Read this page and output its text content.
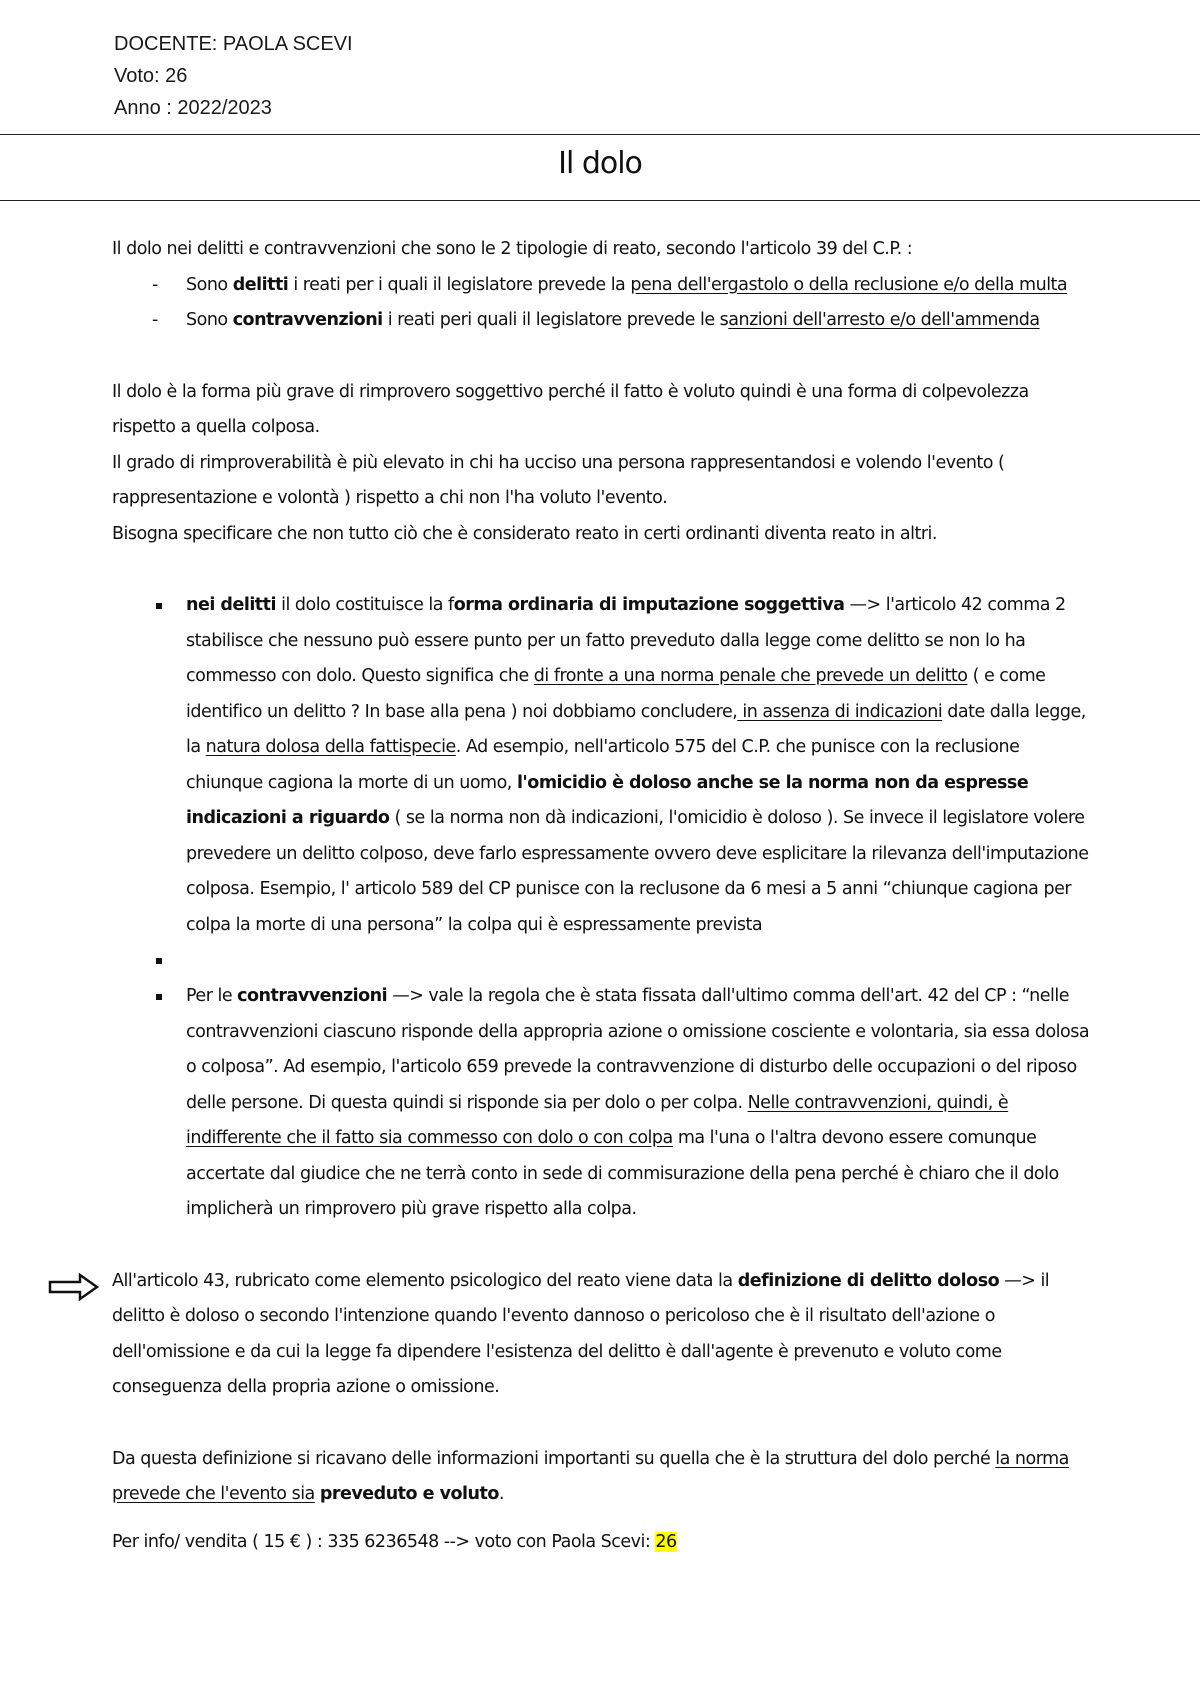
DOCENTE: PAOLA SCEVI
Voto: 26
Anno : 2022/2023
Il dolo

Il dolo nei delitti e contravvenzioni che sono le 2 tipologie di reato, secondo l'articolo 39 del C.P. :

- Sono delitti i reati per i quali il legislatore prevede la pena dell'ergastolo o della reclusione e/o della multa
- Sono contravvenzioni i reati peri quali il legislatore prevede le sanzioni dell'arresto e/o dell'ammenda

Il dolo è la forma più grave di rimprovero soggettivo perché il fatto è voluto quindi è una forma di colpevolezza rispetto a quella colposa.

Il grado di rimproverabilità è più elevato in chi ha ucciso una persona rappresentandosi e volendo l'evento ( rappresentazione e volontà ) rispetto a chi non l'ha voluto l'evento.

Bisogna specificare che non tutto ciò che è considerato reato in certi ordinanti diventa reato in altri.

nei delitti il dolo costituisce la forma ordinaria di imputazione soggettiva —> l'articolo 42 comma 2 stabilisce che nessuno può essere punto per un fatto preveduto dalla legge come delitto se non lo ha commesso con dolo. Questo significa che di fronte a una norma penale che prevede un delitto ( e come identifico un delitto ? In base alla pena ) noi dobbiamo concludere, in assenza di indicazioni date dalla legge, la natura dolosa della fattispecie. Ad esempio, nell'articolo 575 del C.P. che punisce con la reclusione chiunque cagiona la morte di un uomo, l'omicidio è doloso anche se la norma non da espresse indicazioni a riguardo ( se la norma non dà indicazioni, l'omicidio è doloso ). Se invece il legislatore volere prevedere un delitto colposo, deve farlo espressamente ovvero deve esplicitare la rilevanza dell'imputazione colposa. Esempio, l' articolo 589 del CP punisce con la reclusone da 6 mesi a 5 anni “chiunque cagiona per colpa la morte di una persona” la colpa qui è espressamente prevista
Per le contravvenzioni —> vale la regola che è stata fissata dall'ultimo comma dell'art. 42 del CP : “nelle contravvenzioni ciascuno risponde della appropria azione o omissione cosciente e volontaria, sia essa dolosa o colposa”. Ad esempio, l'articolo 659 prevede la contravvenzione di disturbo delle occupazioni o del riposo delle persone. Di questa quindi si risponde sia per dolo o per colpa. Nelle contravvenzioni, quindi, è indifferente che il fatto sia commesso con dolo o con colpa ma l'una o l'altra devono essere comunque accertate dal giudice che ne terrà conto in sede di commisurazione della pena perché è chiaro che il dolo implicherà un rimprovero più grave rispetto alla colpa.

All'articolo 43, rubricato come elemento psicologico del reato viene data la definizione di delitto doloso —> il delitto è doloso o secondo l'intenzione quando l'evento dannoso o pericoloso che è il risultato dell'azione o dell'omissione e da cui la legge fa dipendere l'esistenza del delitto è dall'agente è prevenuto e voluto come conseguenza della propria azione o omissione.

Da questa definizione si ricavano delle informazioni importanti su quella che è la struttura del dolo perché la norma prevede che l'evento sia preveduto e voluto.

Per info/ vendita ( 15 € ) : 335 6236548 --> voto con Paola Scevi: 26
